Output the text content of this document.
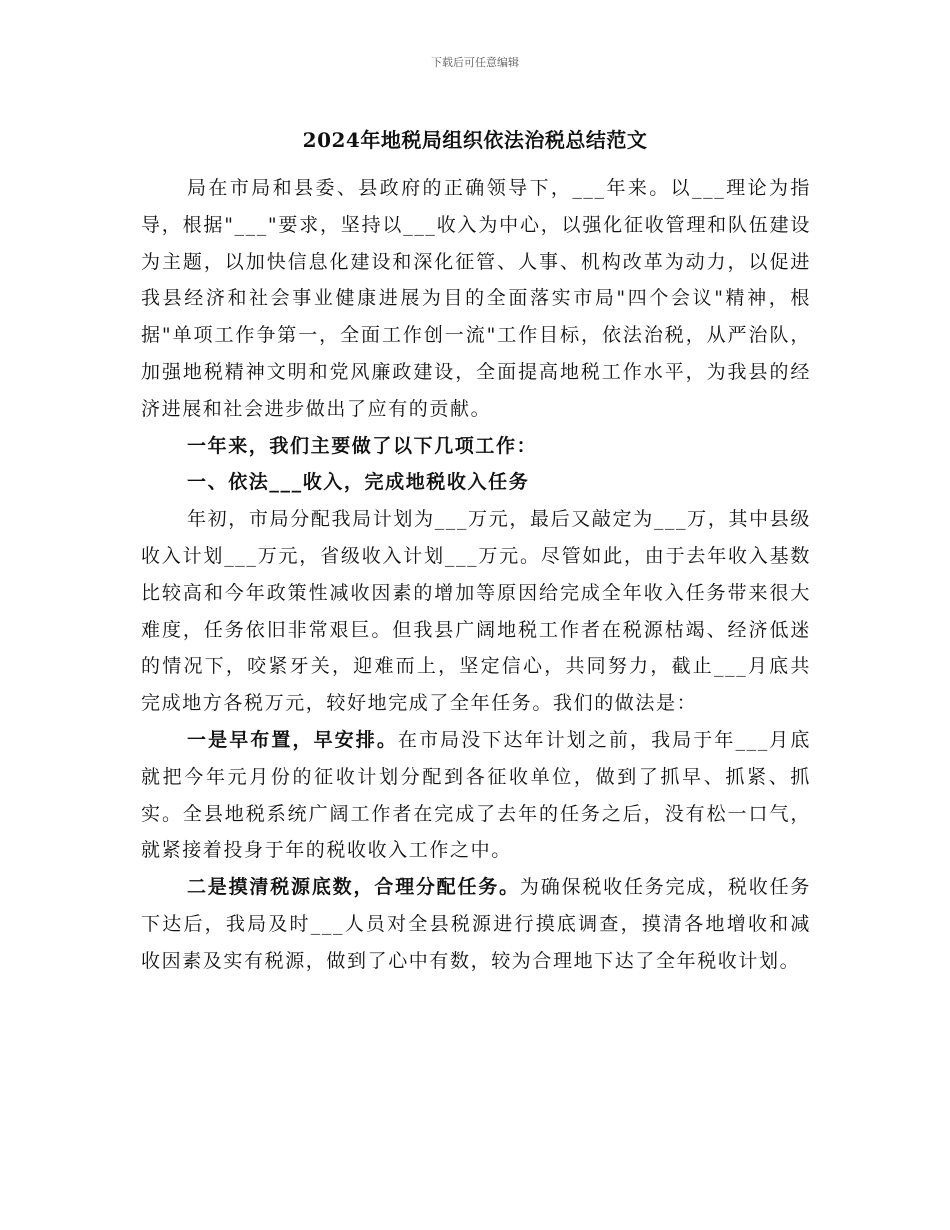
下载后可任意编辑
2024年地税局组织依法治税总结范文

局在市局和县委、县政府的正确领导下，___年来。以___理论为指导，根据"___"要求，坚持以___收入为中心，以强化征收管理和队伍建设为主题，以加快信息化建设和深化征管、人事、机构改革为动力，以促进我县经济和社会事业健康进展为目的全面落实市局"四个会议"精神，根据"单项工作争第一，全面工作创一流"工作目标，依法治税，从严治队，加强地税精神文明和党风廉政建设，全面提高地税工作水平，为我县的经济进展和社会进步做出了应有的贡献。

一年来，我们主要做了以下几项工作：

一、依法___收入，完成地税收入任务

年初，市局分配我局计划为___万元，最后又敲定为___万，其中县级收入计划___万元，省级收入计划___万元。尽管如此，由于去年收入基数比较高和今年政策性减收因素的增加等原因给完成全年收入任务带来很大难度，任务依旧非常艰巨。但我县广阔地税工作者在税源枯竭、经济低迷的情况下，咬紧牙关，迎难而上，坚定信心，共同努力，截止___月底共完成地方各税万元，较好地完成了全年任务。我们的做法是：

一是早布置，早安排。在市局没下达年计划之前，我局于年___月底就把今年元月份的征收计划分配到各征收单位，做到了抓早、抓紧、抓实。全县地税系统广阔工作者在完成了去年的任务之后，没有松一口气，就紧接着投身于年的税收收入工作之中。

二是摸清税源底数，合理分配任务。为确保税收任务完成，税收任务下达后，我局及时___人员对全县税源进行摸底调查，摸清各地增收和减收因素及实有税源，做到了心中有数，较为合理地下达了全年税收计划。
